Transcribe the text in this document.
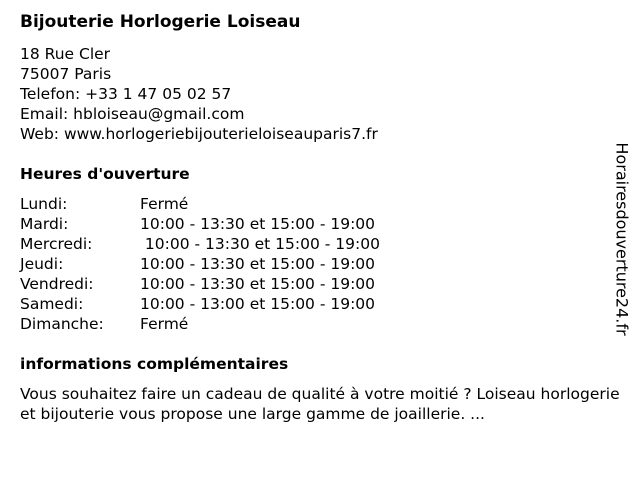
Bijouterie Horlogerie Loiseau
18 Rue Cler
75007 Paris
Telefon: +33 1 47 05 02 57
Email: hbloiseau@gmail.com
Web: www.horlogeriebijouterieloiseauparis7.fr
Heures d'ouverture
Lundi:	Fermé
Mardi:	10:00 - 13:30 et 15:00 - 19:00
Mercredi:	10:00 - 13:30 et 15:00 - 19:00
Jeudi:	10:00 - 13:30 et 15:00 - 19:00
Vendredi:	10:00 - 13:30 et 15:00 - 19:00
Samedi:	10:00 - 13:00 et 15:00 - 19:00
Dimanche:	Fermé
informations complémentaires
Vous souhaitez faire un cadeau de qualité à votre moitié ? Loiseau horlogerie et bijouterie vous propose une large gamme de joaillerie. ...
Horairesdouverture24.fr
